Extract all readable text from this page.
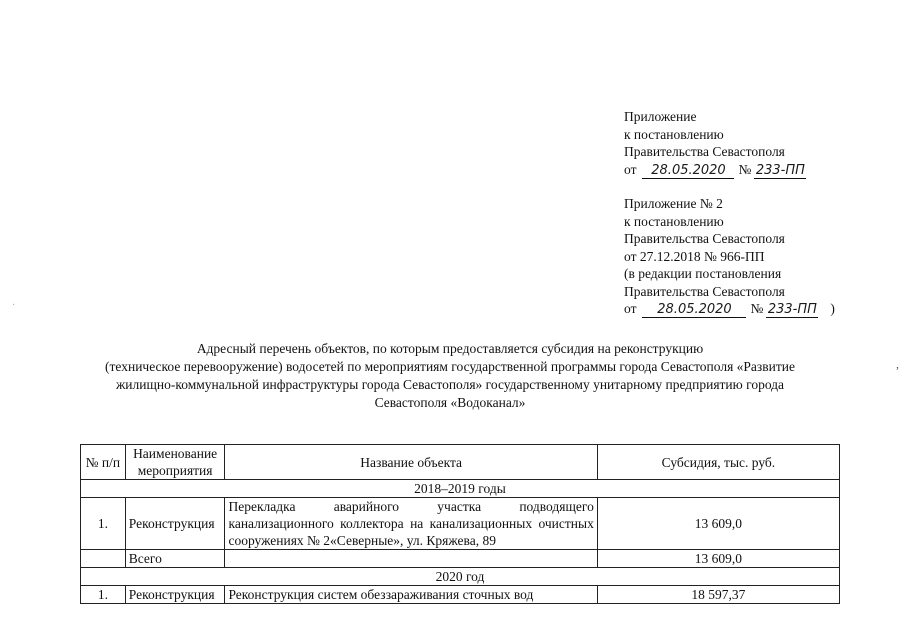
Приложение
к постановлению
Правительства Севастополя
от 28.05.2020 № 233-ПП
Приложение № 2
к постановлению
Правительства Севастополя
от 27.12.2018 № 966-ПП
(в редакции постановления
Правительства Севастополя
от 28.05.2020 № 233-ПП )
Адресный перечень объектов, по которым предоставляется субсидия на реконструкцию
(техническое перевооружение) водосетей по мероприятиям государственной программы города Севастополя «Развитие
жилищно-коммунальной инфраструктуры города Севастополя» государственному унитарному предприятию города
Севастополя «Водоканал»
,
·
№ п/п	Наименование мероприятия	Название объекта	Субсидия, тыс. руб.
2018–2019 годы			
1.	Реконструкция	Перекладка аварийного участка подводящего канализационного коллектора на канализационных очистных сооружениях № 2«Северные», ул. Кряжева, 89	13 609,0
	Всего		13 609,0
2020 год			
1.	Реконструкция	Реконструкция систем обеззараживания сточных вод	18 597,37
